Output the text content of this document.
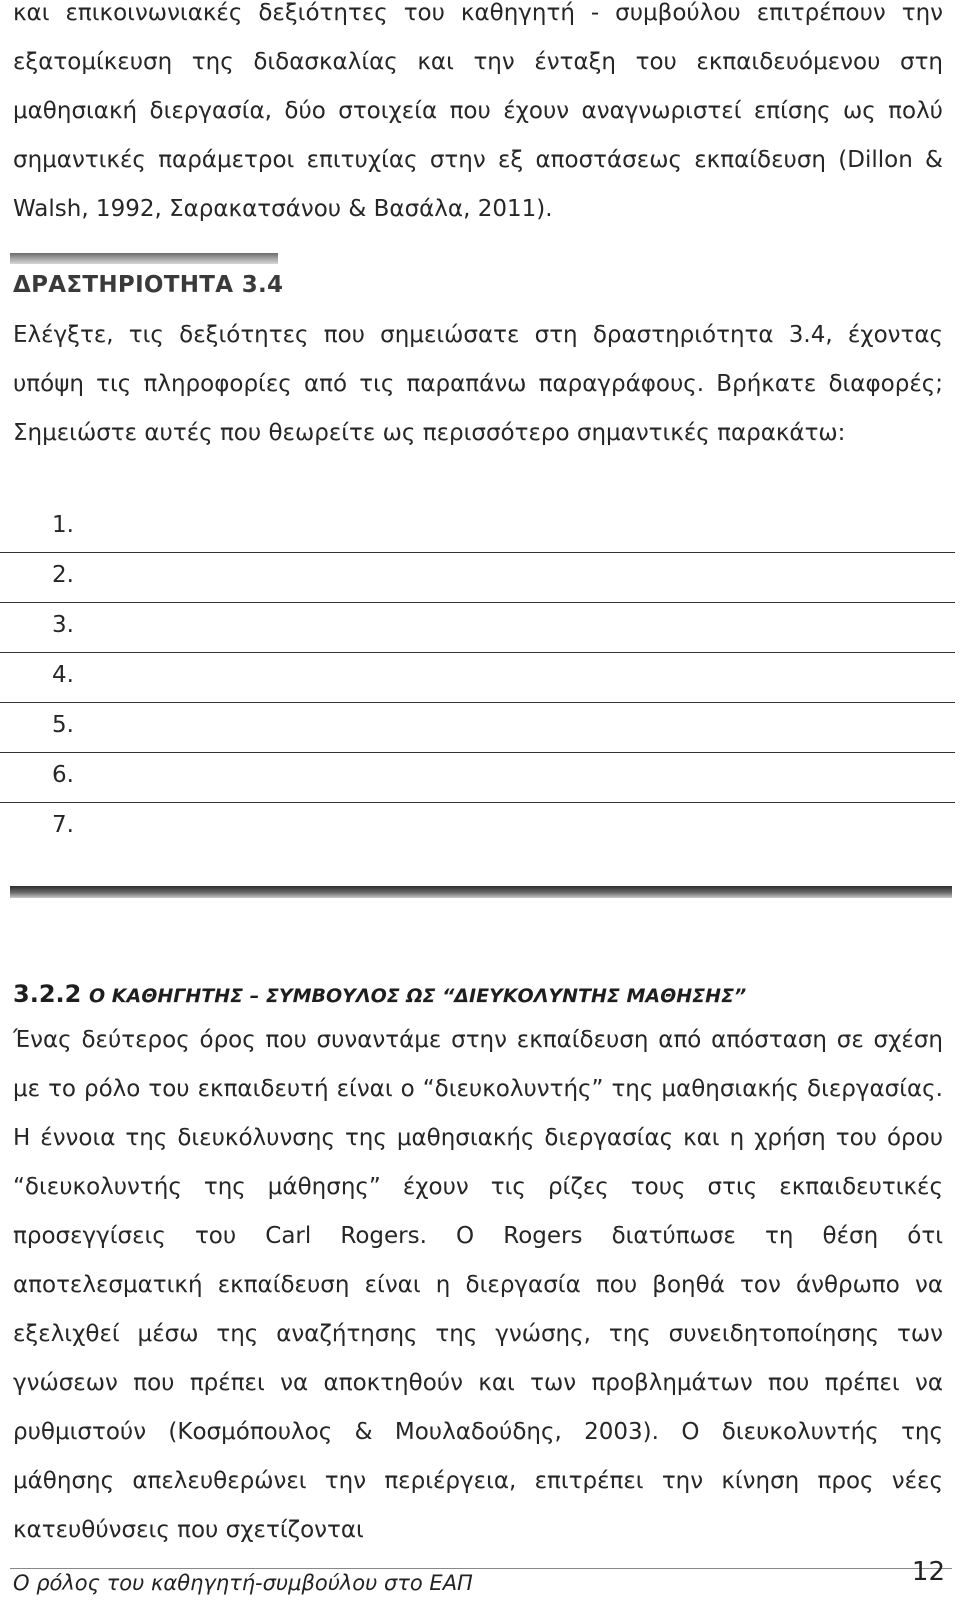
και επικοινωνιακές δεξιότητες του καθηγητή - συμβούλου επιτρέπουν την εξατομίκευση της διδασκαλίας και την ένταξη του εκπαιδευόμενου στη μαθησιακή διεργασία, δύο στοιχεία που έχουν αναγνωριστεί επίσης ως πολύ σημαντικές παράμετροι επιτυχίας στην εξ αποστάσεως εκπαίδευση (Dillon & Walsh, 1992, Σαρακατσάνου & Βασάλα, 2011).

ΔΡΑΣΤΗΡΙΟΤΗΤΑ 3.4

Ελέγξτε, τις δεξιότητες που σημειώσατε στη δραστηριότητα 3.4, έχοντας υπόψη τις πληροφορίες από τις παραπάνω παραγράφους. Βρήκατε διαφορές; Σημειώστε αυτές που θεωρείτε ως περισσότερο σημαντικές παρακάτω:

1.
2.
3.
4.
5.
6.
7.
3.2.2 Ο ΚΑΘΗΓΗΤΗΣ – ΣΥΜΒΟΥΛΟΣ ΩΣ “ΔΙΕΥΚΟΛΥΝΤΗΣ ΜΑΘΗΣΗΣ”

Ένας δεύτερος όρος που συναντάμε στην εκπαίδευση από απόσταση σε σχέση με το ρόλο του εκπαιδευτή είναι ο “διευκολυντής” της μαθησιακής διεργασίας. Η έννοια της διευκόλυνσης της μαθησιακής διεργασίας και η χρήση του όρου “διευκολυντής της μάθησης” έχουν τις ρίζες τους στις εκπαιδευτικές προσεγγίσεις του Carl Rogers. Ο Rogers διατύπωσε τη θέση ότι αποτελεσματική εκπαίδευση είναι η διεργασία που βοηθά τον άνθρωπο να εξελιχθεί μέσω της αναζήτησης της γνώσης, της συνειδητοποίησης των γνώσεων που πρέπει να αποκτηθούν και των προβλημάτων που πρέπει να ρυθμιστούν (Κοσμόπουλος & Μουλαδούδης, 2003). Ο διευκολυντής της μάθησης απελευθερώνει την περιέργεια, επιτρέπει την κίνηση προς νέες κατευθύνσεις που σχετίζονται

Ο ρόλος του καθηγητή-συμβούλου στο ΕΑΠ	12
